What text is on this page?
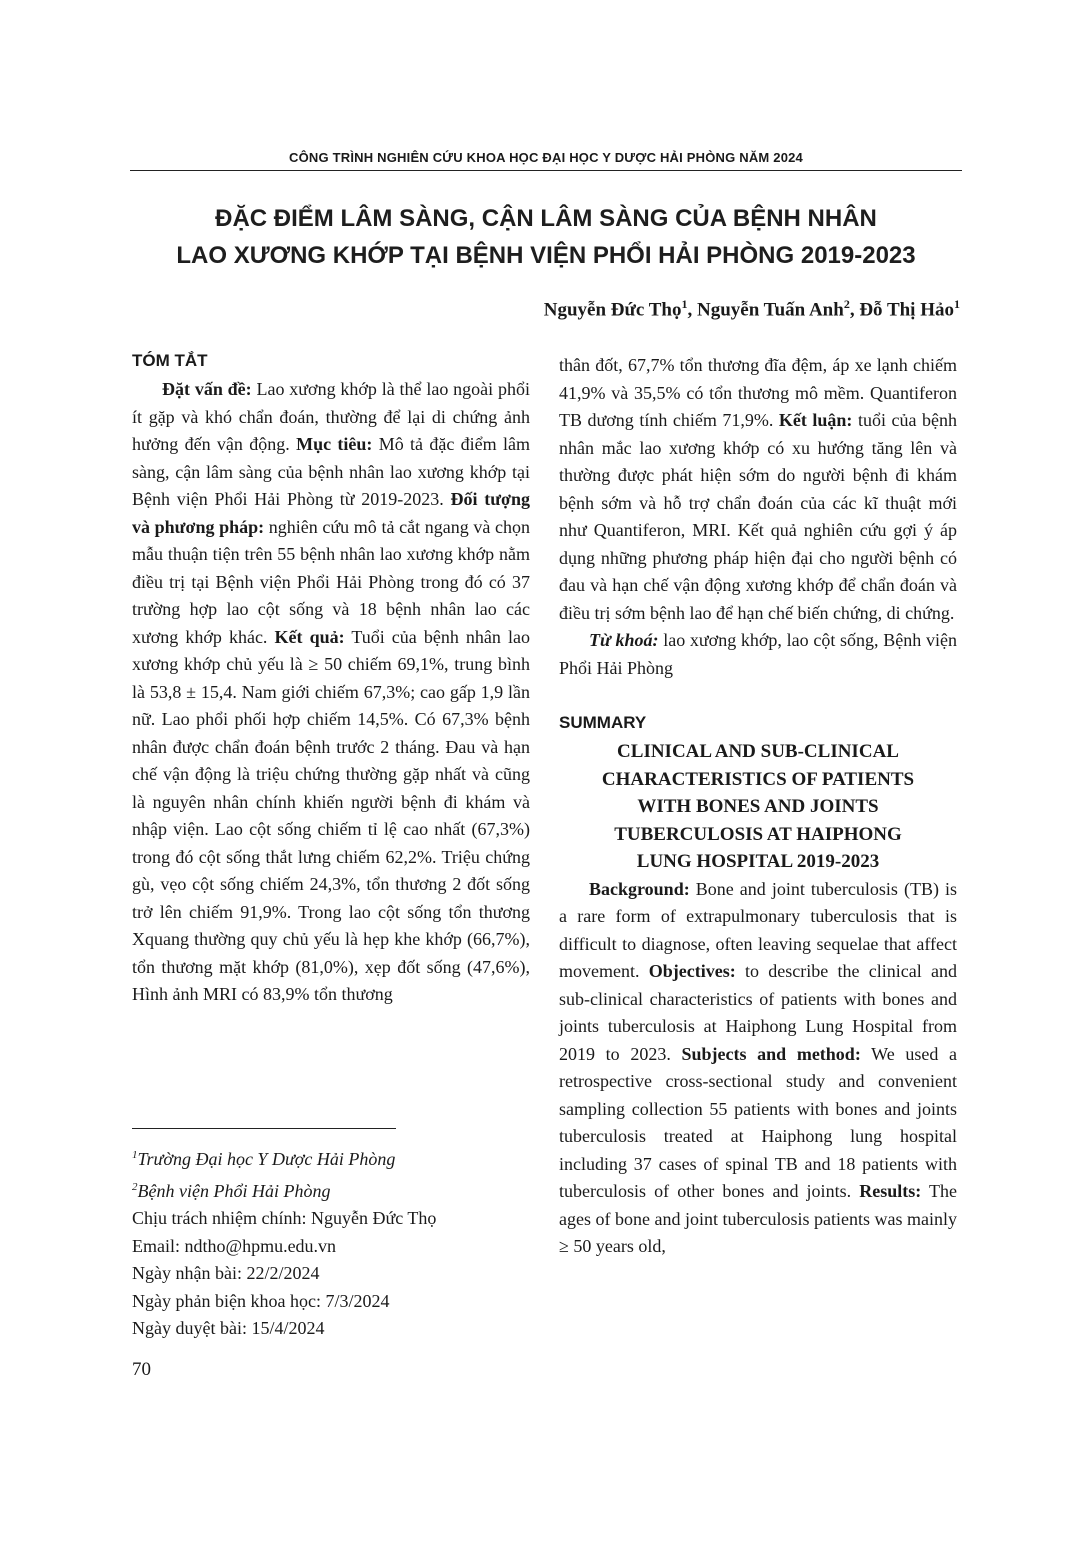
CÔNG TRÌNH NGHIÊN CỨU KHOA HỌC ĐẠI HỌC Y DƯỢC HẢI PHÒNG NĂM 2024
ĐẶC ĐIỂM LÂM SÀNG, CẬN LÂM SÀNG CỦA BỆNH NHÂN
LAO XƯƠNG KHỚP TẠI BỆNH VIỆN PHỔI HẢI PHÒNG 2019-2023
Nguyễn Đức Thọ$^1$, Nguyễn Tuấn Anh$^2$, Đỗ Thị Hảo$^1$
TÓM TẮT

Đặt vấn đề: Lao xương khớp là thể lao ngoài phổi ít gặp và khó chẩn đoán, thường để lại di chứng ảnh hưởng đến vận động. Mục tiêu: Mô tả đặc điểm lâm sàng, cận lâm sàng của bệnh nhân lao xương khớp tại Bệnh viện Phổi Hải Phòng từ 2019-2023. Đối tượng và phương pháp: nghiên cứu mô tả cắt ngang và chọn mẫu thuận tiện trên 55 bệnh nhân lao xương khớp nằm điều trị tại Bệnh viện Phổi Hải Phòng trong đó có 37 trường hợp lao cột sống và 18 bệnh nhân lao các xương khớp khác. Kết quả: Tuổi của bệnh nhân lao xương khớp chủ yếu là ≥ 50 chiếm 69,1%, trung bình là 53,8 ± 15,4. Nam giới chiếm 67,3%; cao gấp 1,9 lần nữ. Lao phổi phối hợp chiếm 14,5%. Có 67,3% bệnh nhân được chẩn đoán bệnh trước 2 tháng. Đau và hạn chế vận động là triệu chứng thường gặp nhất và cũng là nguyên nhân chính khiến người bệnh đi khám và nhập viện. Lao cột sống chiếm tỉ lệ cao nhất (67,3%) trong đó cột sống thắt lưng chiếm 62,2%. Triệu chứng gù, vẹo cột sống chiếm 24,3%, tổn thương 2 đốt sống trở lên chiếm 91,9%. Trong lao cột sống tổn thương Xquang thường quy chủ yếu là hẹp khe khớp (66,7%), tổn thương mặt khớp (81,0%), xẹp đốt sống (47,6%), Hình ảnh MRI có 83,9% tổn thương

$^1$Trường Đại học Y Dược Hải Phòng
$^2$Bệnh viện Phổi Hải Phòng
Chịu trách nhiệm chính: Nguyễn Đức Thọ
Email: ndtho@hpmu.edu.vn
Ngày nhận bài: 22/2/2024
Ngày phản biện khoa học: 7/3/2024
Ngày duyệt bài: 15/4/2024
70

thân đốt, 67,7% tổn thương đĩa đệm, áp xe lạnh chiếm 41,9% và 35,5% có tổn thương mô mềm. Quantiferon TB dương tính chiếm 71,9%. Kết luận: tuổi của bệnh nhân mắc lao xương khớp có xu hướng tăng lên và thường được phát hiện sớm do người bệnh đi khám bệnh sớm và hỗ trợ chẩn đoán của các kĩ thuật mới như Quantiferon, MRI. Kết quả nghiên cứu gợi ý áp dụng những phương pháp hiện đại cho người bệnh có đau và hạn chế vận động xương khớp để chẩn đoán và điều trị sớm bệnh lao để hạn chế biến chứng, di chứng.

Từ khoá: lao xương khớp, lao cột sống, Bệnh viện Phổi Hải Phòng

SUMMARY
CLINICAL AND SUB-CLINICAL
CHARACTERISTICS OF PATIENTS
WITH BONES AND JOINTS
TUBERCULOSIS AT HAIPHONG
LUNG HOSPITAL 2019-2023

Background: Bone and joint tuberculosis (TB) is a rare form of extrapulmonary tuberculosis that is difficult to diagnose, often leaving sequelae that affect movement. Objectives: to describe the clinical and sub-clinical characteristics of patients with bones and joints tuberculosis at Haiphong Lung Hospital from 2019 to 2023. Subjects and method: We used a retrospective cross-sectional study and convenient sampling collection 55 patients with bones and joints tuberculosis treated at Haiphong lung hospital including 37 cases of spinal TB and 18 patients with tuberculosis of other bones and joints. Results: The ages of bone and joint tuberculosis patients was mainly ≥ 50 years old,
